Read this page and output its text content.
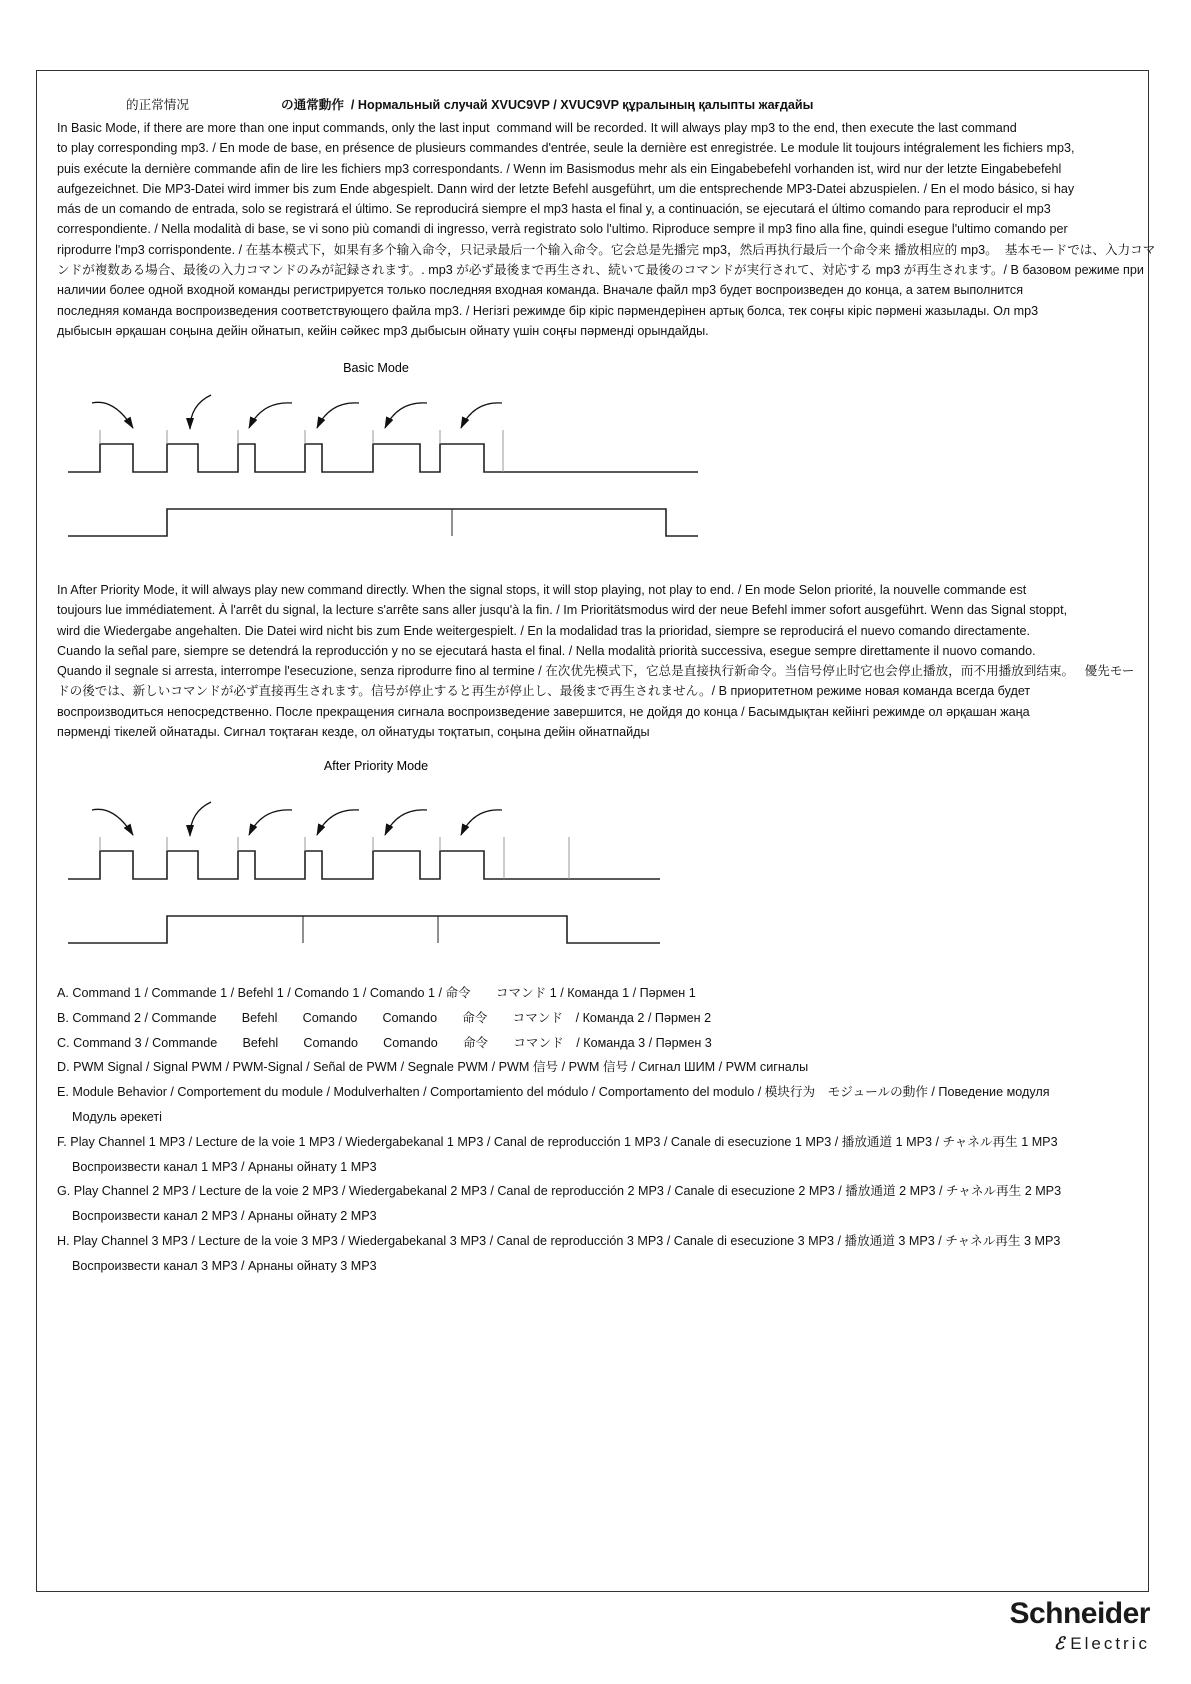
的正常情况	の通常動作  / Нормальный случай XVUC9VP / XVUC9VP құралының қалыпты жағдайы
In Basic Mode, if there are more than one input commands, only the last input  command will be recorded. It will always play mp3 to the end, then execute the last command
to play corresponding mp3. / En mode de base, en présence de plusieurs commandes d'entrée, seule la dernière est enregistrée. Le module lit toujours intégralement les fichiers mp3,
puis exécute la dernière commande afin de lire les fichiers mp3 correspondants. / Wenn im Basismodus mehr als ein Eingabebefehl vorhanden ist, wird nur der letzte Eingabebefehl
aufgezeichnet. Die MP3-Datei wird immer bis zum Ende abgespielt. Dann wird der letzte Befehl ausgeführt, um die entsprechende MP3-Datei abzuspielen. / En el modo básico, si hay
más de un comando de entrada, solo se registrará el último. Se reproducirá siempre el mp3 hasta el final y, a continuación, se ejecutará el último comando para reproducir el mp3
correspondiente. / Nella modalità di base, se vi sono più comandi di ingresso, verrà registrato solo l'ultimo. Riproduce sempre il mp3 fino alla fine, quindi esegue l'ultimo comando per
riprodurre l'mp3 corrispondente. / 在基本模式下，如果有多个输入命令，只记录最后一个输入命令。它会总是先播完 mp3，然后再执行最后一个命令来 播放相应的 mp3。  基本モードでは、入力コマ
ンドが複数ある場合、最後の入力コマンドのみが記録されます。. mp3 が必ず最後まで再生され、続いて最後のコマンドが実行されて、対応する mp3 が再生されます。/ В базовом режиме при
наличии более одной входной команды регистрируется только последняя входная команда. Вначале файл mp3 будет воспроизведен до конца, а затем выполнится
последняя команда воспроизведения соответствующего файла mp3. / Негізгі режимде бір кіріс пәрмендерінен артық болса, тек соңғы кіріс пәрмені жазылады. Ол mp3
дыбысын әрқашан соңына дейін ойнатып, кейін сәйкес mp3 дыбысын ойнату үшін соңғы пәрменді орындайды.
Basic Mode
In After Priority Mode, it will always play new command directly. When the signal stops, it will stop playing, not play to end. / En mode Selon priorité, la nouvelle commande est
toujours lue immédiatement. À l'arrêt du signal, la lecture s'arrête sans aller jusqu'à la fin. / Im Prioritätsmodus wird der neue Befehl immer sofort ausgeführt. Wenn das Signal stoppt,
wird die Wiedergabe angehalten. Die Datei wird nicht bis zum Ende weitergespielt. / En la modalidad tras la prioridad, siempre se reproducirá el nuevo comando directamente.
Cuando la señal pare, siempre se detendrá la reproducción y no se ejecutará hasta el final. / Nella modalità priorità successiva, esegue sempre direttamente il nuovo comando.
Quando il segnale si arresta, interrompe l'esecuzione, senza riprodurre fino al termine / 在次优先模式下，它总是直接执行新命令。当信号停止时它也会停止播放，而不用播放到结束。   優先モー
ドの後では、新しいコマンドが必ず直接再生されます。信号が停止すると再生が停止し、最後まで再生されません。/ В приоритетном режиме новая команда всегда будет
воспроизводиться непосредственно. После прекращения сигнала воспроизведение завершится, не дойдя до конца / Басымдықтан кейінгі режимде ол әрқашан жаңа
пәрменді тікелей ойнатады. Сигнал тоқтаған кезде, ол ойнатуды тоқтатып, соңына дейін ойнатпайды
After Priority Mode
A. Command 1 / Commande 1 / Befehl 1 / Comando 1 / Comando 1 / 命令　　コマンド 1 / Команда 1 / Пәрмен 1
B. Command 2 / Commande　　Befehl　　Comando　　Comando　　命令　　コマンド　/ Команда 2 / Пәрмен 2
C. Command 3 / Commande　　Befehl　　Comando　　Comando　　命令　　コマンド　/ Команда 3 / Пәрмен 3
D. PWM Signal / Signal PWM / PWM-Signal / Señal de PWM / Segnale PWM / PWM 信号 / PWM 信号 / Сигнал ШИМ / PWM сигналы
E. Module Behavior / Comportement du module / Modulverhalten / Comportamiento del módulo / Comportamento del modulo / 模块行为　モジュールの動作 / Поведение модуля
Модуль әрекеті
F. Play Channel 1 MP3 / Lecture de la voie 1 MP3 / Wiedergabekanal 1 MP3 / Canal de reproducción 1 MP3 / Canale di esecuzione 1 MP3 / 播放通道 1 MP3 / チャネル再生 1 MP3
Воспроизвести канал 1 MP3 / Арнаны ойнату 1 MP3
G. Play Channel 2 MP3 / Lecture de la voie 2 MP3 / Wiedergabekanal 2 MP3 / Canal de reproducción 2 MP3 / Canale di esecuzione 2 MP3 / 播放通道 2 MP3 / チャネル再生 2 MP3
Воспроизвести канал 2 MP3 / Арнаны ойнату 2 MP3
H. Play Channel 3 MP3 / Lecture de la voie 3 MP3 / Wiedergabekanal 3 MP3 / Canal de reproducción 3 MP3 / Canale di esecuzione 3 MP3 / 播放通道 3 MP3 / チャネル再生 3 MP3
Воспроизвести канал 3 MP3 / Арнаны ойнату 3 MP3
Schneider
ℰ Electric
